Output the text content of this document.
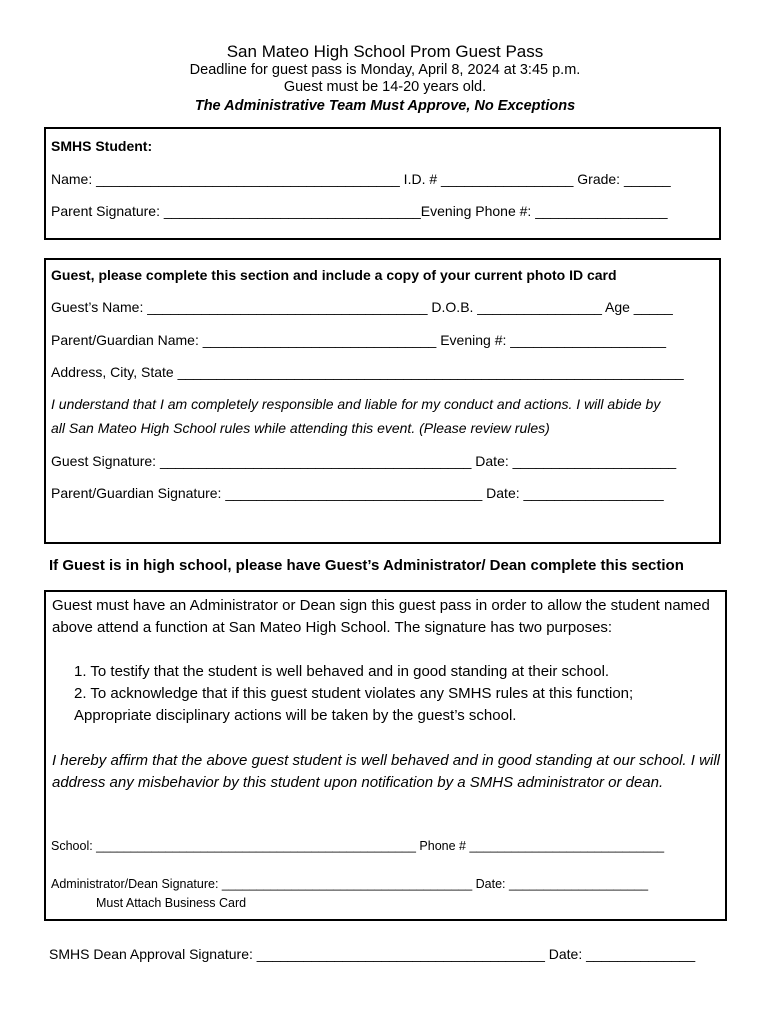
San Mateo High School Prom Guest Pass
Deadline for guest pass is Monday, April 8, 2024 at 3:45 p.m.
Guest must be 14-20 years old.
The Administrative Team Must Approve, No Exceptions
SMHS Student:
Name: _______________________________________ I.D. # _________________ Grade: ______
Parent Signature: _________________________________Evening Phone #: _________________
Guest, please complete this section and include a copy of your current photo ID card
Guest’s Name: ____________________________________ D.O.B. ________________ Age _____
Parent/Guardian Name: ______________________________ Evening #: ____________________
Address, City, State _________________________________________________________________
I understand that I am completely responsible and liable for my conduct and actions. I will abide by
all San Mateo High School rules while attending this event. (Please review rules)
Guest Signature: ________________________________________ Date: _____________________
Parent/Guardian Signature: _________________________________ Date: __________________
If Guest is in high school, please have Guest’s Administrator/ Dean complete this section
Guest must have an Administrator or Dean sign this guest pass in order to allow the student named above attend a function at San Mateo High School. The signature has two purposes:
1. To testify that the student is well behaved and in good standing at their school.
2. To acknowledge that if this guest student violates any SMHS rules at this function;
Appropriate disciplinary actions will be taken by the guest’s school.
I hereby affirm that the above guest student is well behaved and in good standing at our school. I will address any misbehavior by this student upon notification by a SMHS administrator or dean.
School: ______________________________________________ Phone # ____________________________
Administrator/Dean Signature: ____________________________________ Date: ____________________
Must Attach Business Card
SMHS Dean Approval Signature: _____________________________________ Date: ______________
